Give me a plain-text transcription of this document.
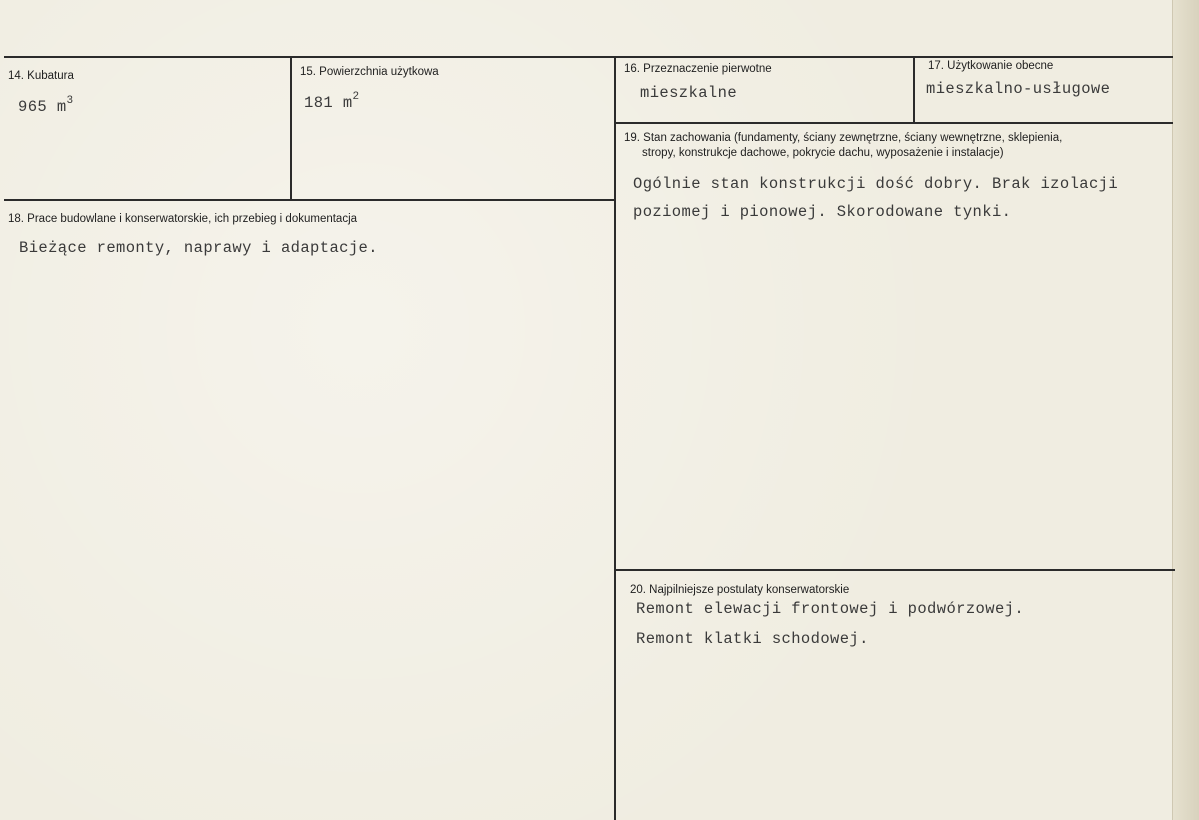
14. Kubatura
965 $m^3$
15. Powierzchnia użytkowa
181 $m^2$
16. Przeznaczenie pierwotne
mieszkalne
17. Użytkowanie obecne
mieszkalno-usługowe
18. Prace budowlane i konserwatorskie, ich przebieg i dokumentacja
Bieżące remonty, naprawy i adaptacje.
19. Stan zachowania (fundamenty, ściany zewnętrzne, ściany wewnętrzne, sklepienia,
stropy, konstrukcje dachowe, pokrycie dachu, wyposażenie i instalacje)
Ogólnie stan konstrukcji dość dobry. Brak izolacji
poziomej i pionowej. Skorodowane tynki.
20. Najpilniejsze postulaty konserwatorskie
Remont elewacji frontowej i podwórzowej.
Remont klatki schodowej.
